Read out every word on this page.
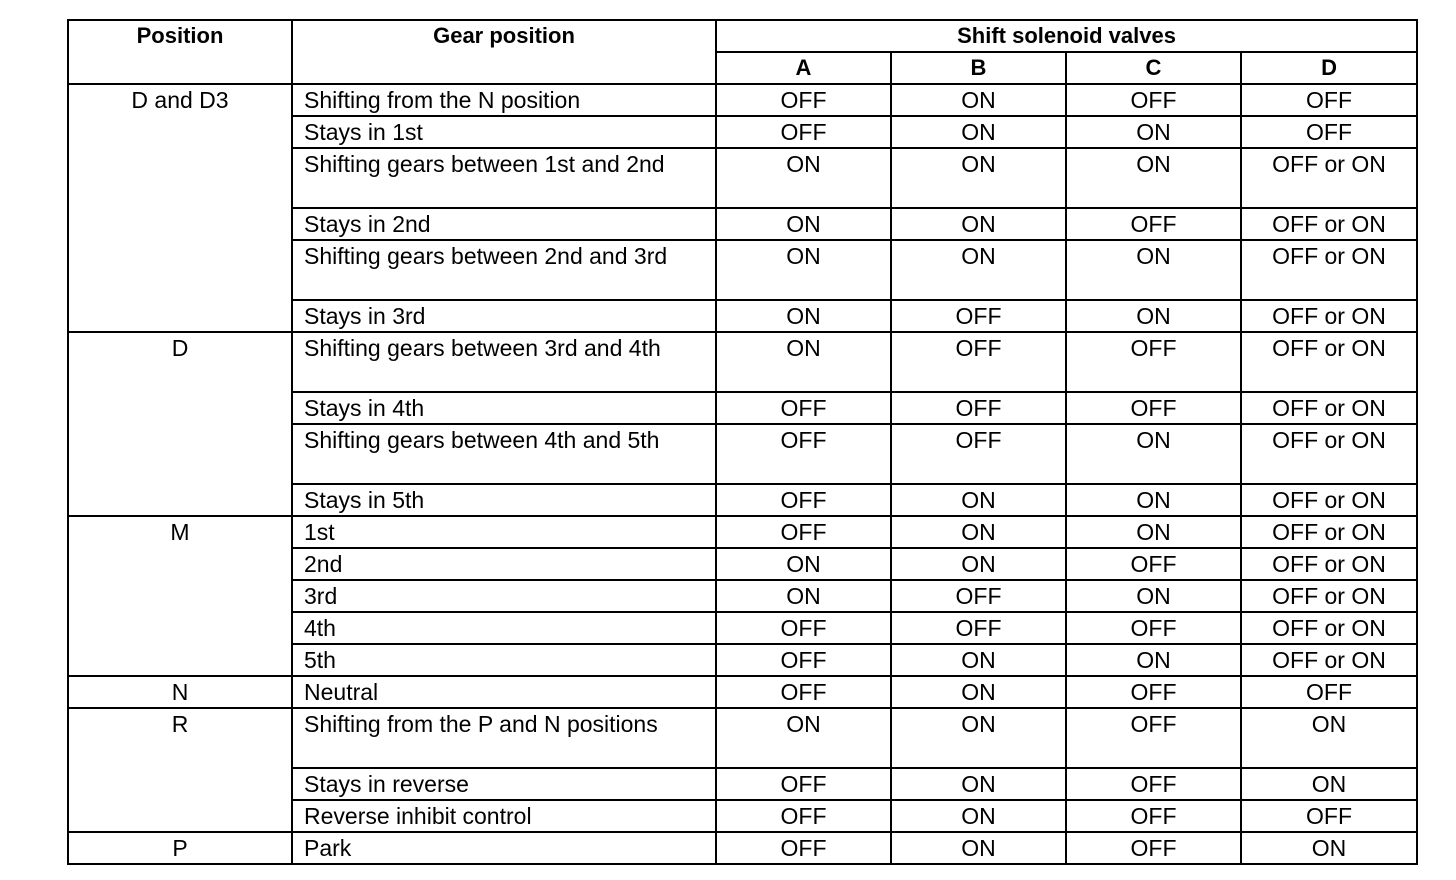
Position	Gear position	Shift solenoid valves			
		A	B	C	D
D and D3	Shifting from the N position	OFF	ON	OFF	OFF
	Stays in 1st	OFF	ON	ON	OFF
	Shifting gears between 1st and 2nd	ON	ON	ON	OFF or ON
	Stays in 2nd	ON	ON	OFF	OFF or ON
	Shifting gears between 2nd and 3rd	ON	ON	ON	OFF or ON
	Stays in 3rd	ON	OFF	ON	OFF or ON
D	Shifting gears between 3rd and 4th	ON	OFF	OFF	OFF or ON
	Stays in 4th	OFF	OFF	OFF	OFF or ON
	Shifting gears between 4th and 5th	OFF	OFF	ON	OFF or ON
	Stays in 5th	OFF	ON	ON	OFF or ON
M	1st	OFF	ON	ON	OFF or ON
	2nd	ON	ON	OFF	OFF or ON
	3rd	ON	OFF	ON	OFF or ON
	4th	OFF	OFF	OFF	OFF or ON
	5th	OFF	ON	ON	OFF or ON
N	Neutral	OFF	ON	OFF	OFF
R	Shifting from the P and N positions	ON	ON	OFF	ON
	Stays in reverse	OFF	ON	OFF	ON
	Reverse inhibit control	OFF	ON	OFF	OFF
P	Park	OFF	ON	OFF	ON
